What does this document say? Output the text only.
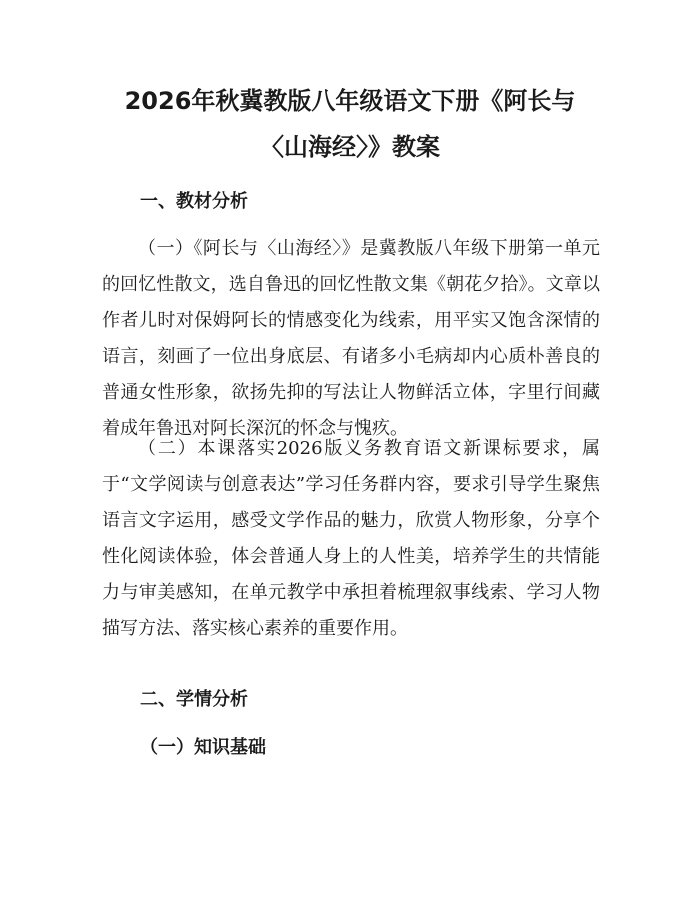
2026年秋冀教版八年级语文下册《阿长与
〈山海经〉》教案
一、教材分析

（一）《阿长与〈山海经〉》是冀教版八年级下册第一单元的回忆性散文，选自鲁迅的回忆性散文集《朝花夕拾》。文章以作者儿时对保姆阿长的情感变化为线索，用平实又饱含深情的语言，刻画了一位出身底层、有诸多小毛病却内心质朴善良的普通女性形象，欲扬先抑的写法让人物鲜活立体，字里行间藏着成年鲁迅对阿长深沉的怀念与愧疚。

（二）本课落实2026版义务教育语文新课标要求，属于“文学阅读与创意表达”学习任务群内容，要求引导学生聚焦语言文字运用，感受文学作品的魅力，欣赏人物形象，分享个性化阅读体验，体会普通人身上的人性美，培养学生的共情能力与审美感知，在单元教学中承担着梳理叙事线索、学习人物描写方法、落实核心素养的重要作用。

二、学情分析
（一）知识基础
